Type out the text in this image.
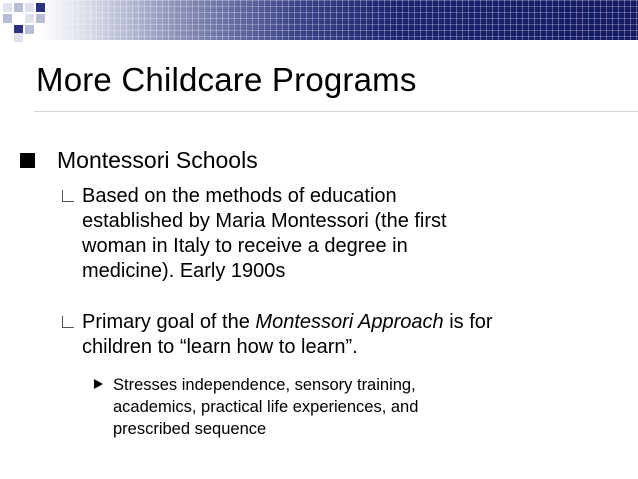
More Childcare Programs
Montessori Schools
Based on the methods of education
established by Maria Montessori (the first
woman in Italy to receive a degree in
medicine). Early 1900s
Primary goal of the Montessori Approach is for
children to “learn how to learn”.
Stresses independence, sensory training,
academics, practical life experiences, and
prescribed sequence
